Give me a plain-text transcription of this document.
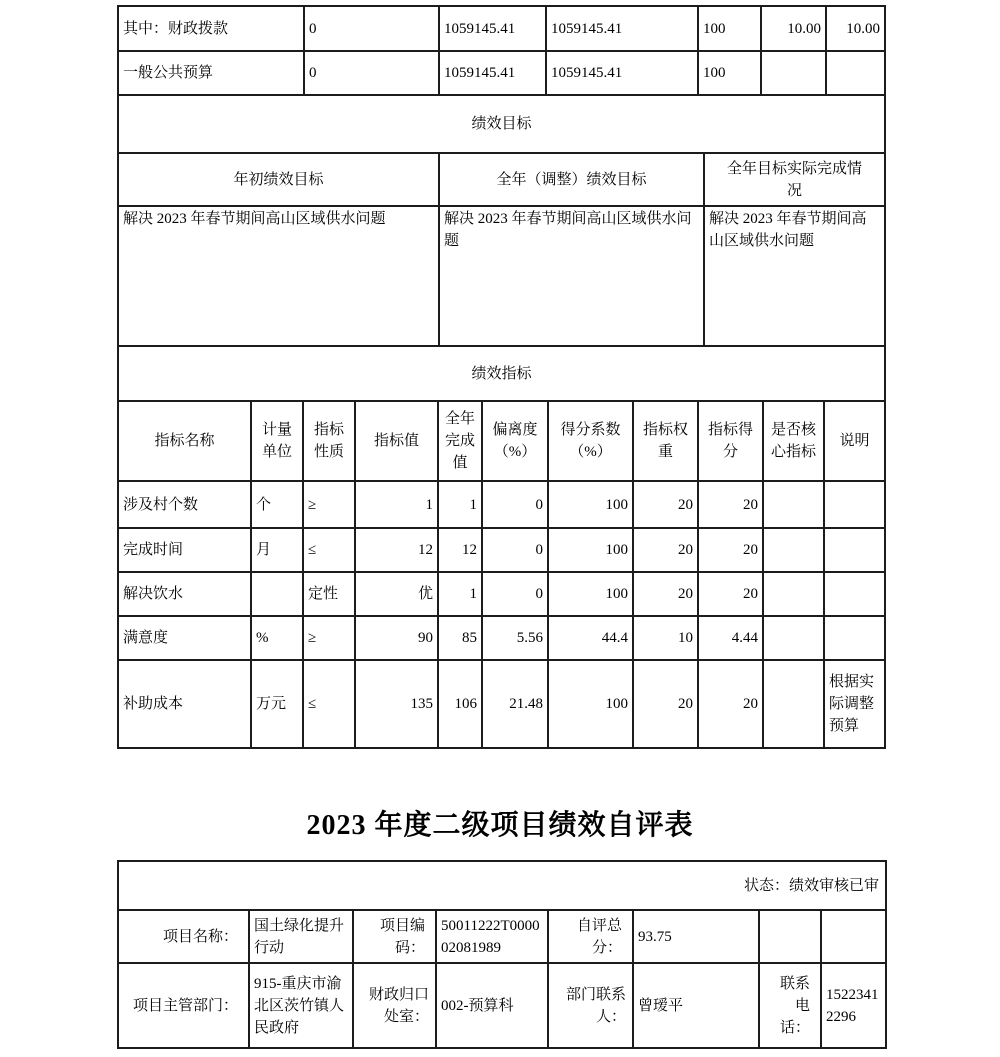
其中：财政拨款	0	1059145.41	1059145.41	100	10.00	10.00
一般公共预算	0	1059145.41	1059145.41	100		
绩效目标		
年初绩效目标	全年（调整）绩效目标	全年目标实际完成情况
解决 2023 年春节期间高山区域供水问题	解决 2023 年春节期间高山区域供水问题	解决 2023 年春节期间高山区域供水问题
绩效指标										
指标名称	计量单位	指标性质	指标值	全年完成值	偏离度（%）	得分系数（%）	指标权重	指标得分	是否核心指标	说明
涉及村个数	个	≥	1	1	0	100	20	20		
完成时间	月	≤	12	12	0	100	20	20		
解决饮水		定性	优	1	0	100	20	20		
满意度	%	≥	90	85	5.56	44.4	10	4.44		
补助成本	万元	≤	135	106	21.48	100	20	20		根据实际调整预算
2023 年度二级项目绩效自评表
状态：绩效审核已审							
项目名称：	国土绿化提升行动	项目编码：	50011222T000002081989	自评总分：	93.75		
项目主管部门：	915-重庆市渝北区茨竹镇人民政府	财政归口处室：	002-预算科	部门联系人：	曾瑷平	联系电话：	15223412296
